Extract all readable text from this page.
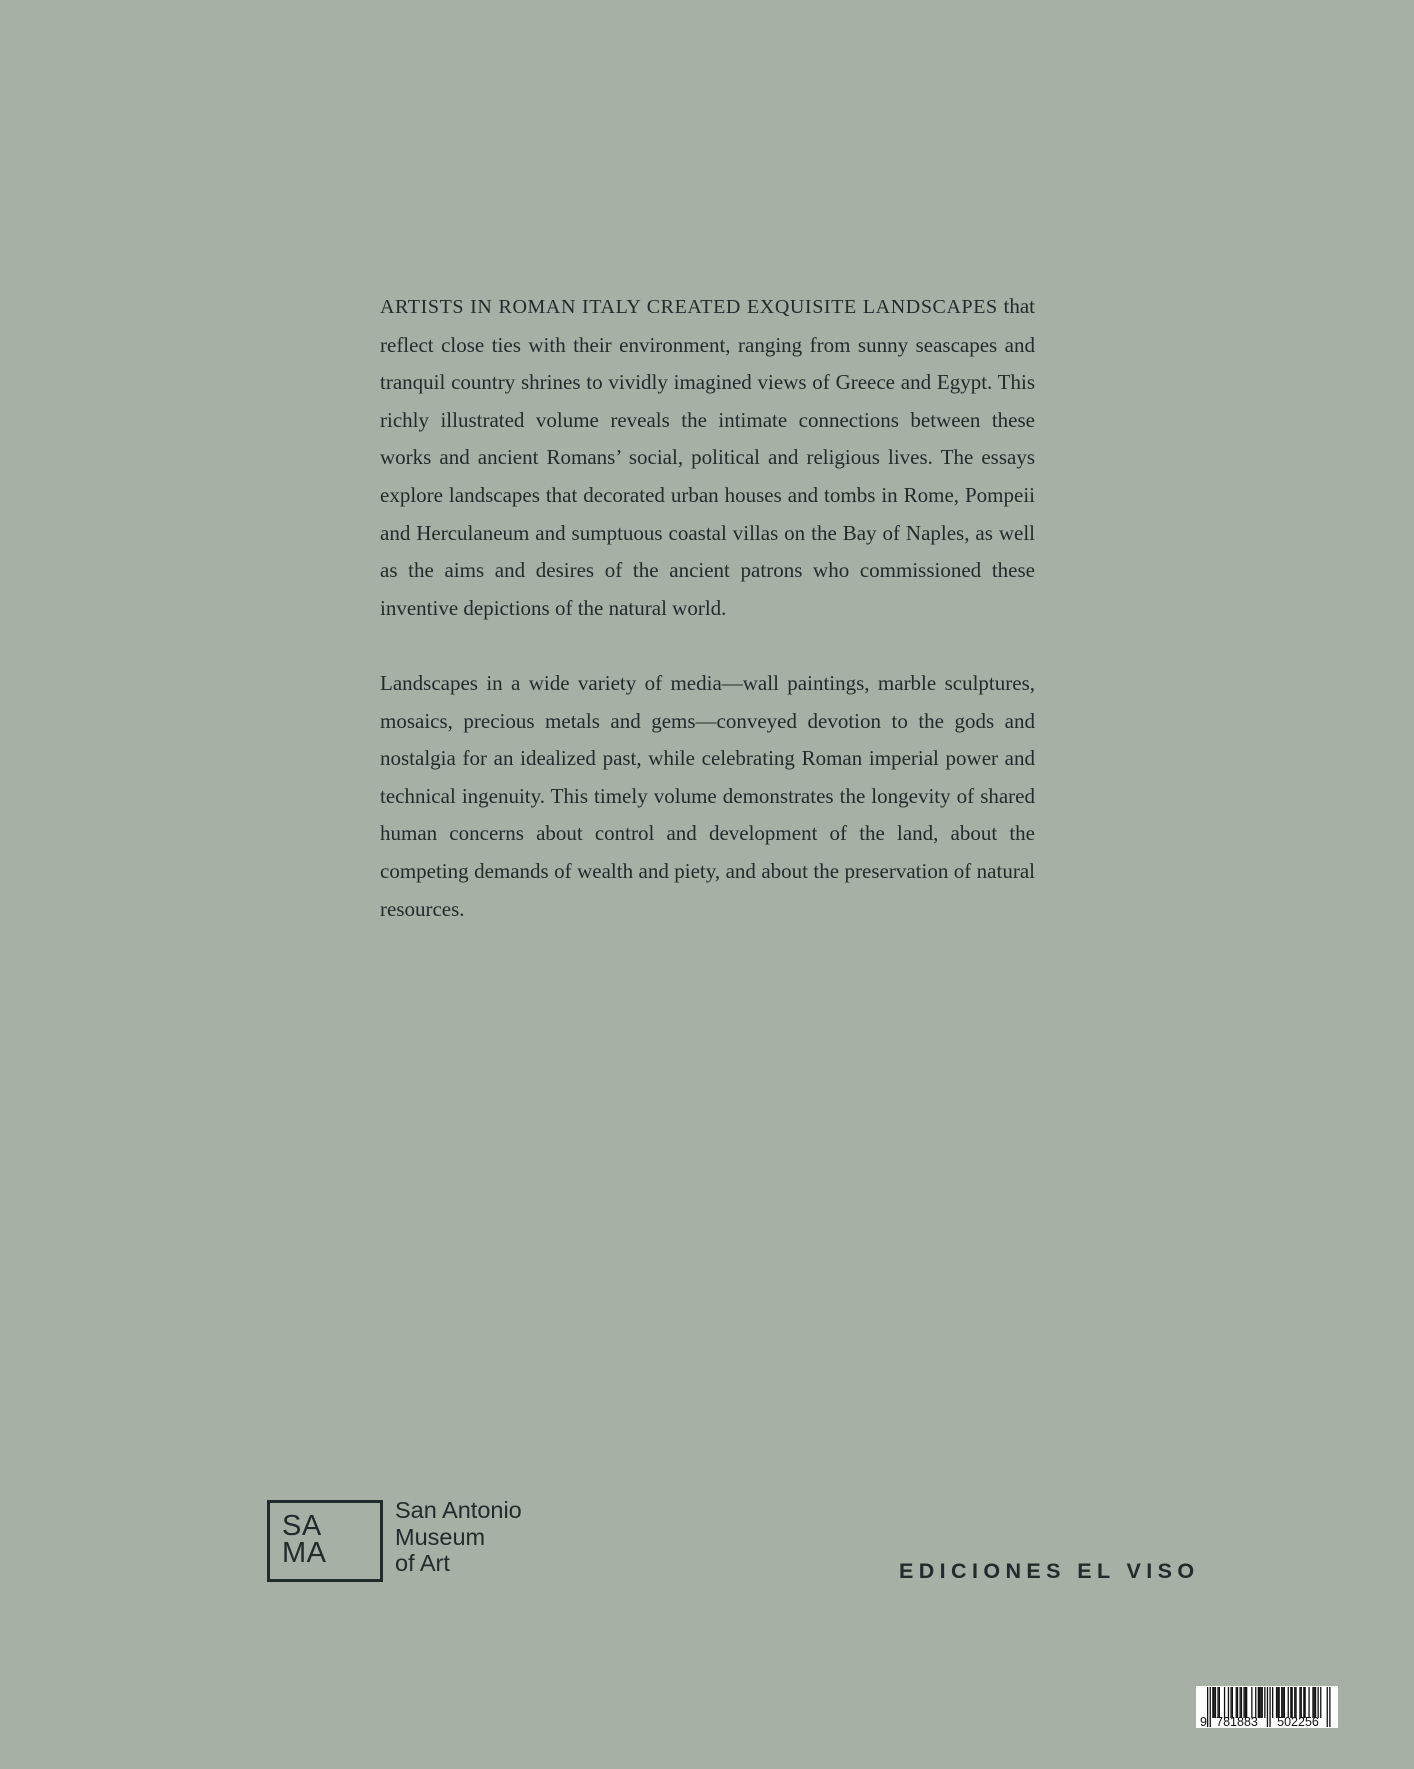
ARTISTS IN ROMAN ITALY CREATED EXQUISITE LANDSCAPES that reflect close ties with their environment, ranging from sunny seascapes and tranquil country shrines to vividly imagined views of Greece and Egypt. This richly illustrated volume reveals the intimate connections between these works and ancient Romans’ social, political and religious lives. The essays explore landscapes that decorated urban houses and tombs in Rome, Pompeii and Herculaneum and sumptuous coastal villas on the Bay of Naples, as well as the aims and desires of the ancient patrons who commissioned these inventive depictions of the natural world.

Landscapes in a wide variety of media—wall paintings, marble sculptures, mosaics, precious metals and gems—conveyed devotion to the gods and nostalgia for an idealized past, while celebrating Roman imperial power and technical ingenuity. This timely volume demonstrates the longevity of shared human concerns about control and development of the land, about the competing demands of wealth and piety, and about the preservation of natural resources.

SA
MA
San Antonio
Museum
of Art	EDICIONES EL VISO
9 781883 502256
